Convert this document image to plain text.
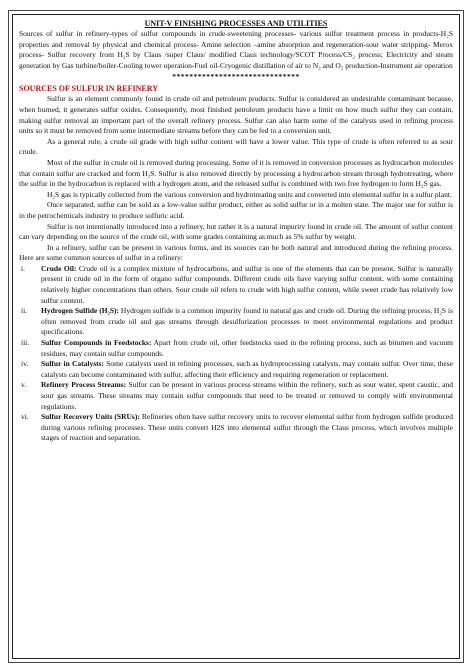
UNIT-V FINISHING PROCESSES AND UTILITIES

Sources of sulfur in refinery-types of sulfur compounds in crude-sweetening processes- various sulfur treatment process in products-H₂S properties and removal by physical and chemical process- Amine selection –amine absorption and regeneration-sour water stripping- Merox process- Sulfur recovery from H₂S by Claus /super Claus/ modified Claus technology/SCOT Process/CS₂ process; Electricity and steam generation by Gas turbine/boiler-Cooling tower operation-Fuel oil-Cryogenic distillation of air to N₂ and O₂ production-Instrument air operation

******************************

SOURCES OF SULFUR IN REFINERY

Sulfur is an element commonly found in crude oil and petroleum products. Sulfur is considered an undesirable contaminant because, when burned, it generates sulfur oxides. Consequently, most finished petroleum products have a limit on how much sulfur they can contain, making sulfur removal an important part of the overall refinery process. Sulfur can also harm some of the catalysts used in refining process units so it must be removed from some intermediate streams before they can be fed to a conversion unit.

As a general rule, a crude oil grade with high sulfur content will have a lower value. This type of crude is often referred to as sour crude.

Most of the sulfur in crude oil is removed during processing. Some of it is removed in conversion processes as hydrocarbon molecules that contain sulfur are cracked and form H₂S. Sulfur is also removed directly by processing a hydrocarbon stream through hydrotreating, where the sulfur in the hydrocarbon is replaced with a hydrogen atom, and the released sulfur is combined with two free hydrogen to form H₂S gas.

H₂S gas is typically collected from the various conversion and hydrotreating units and converted into elemental sulfur in a sulfur plant.

Once separated, sulfur can be sold as a low-value sulfur product, either as solid sulfur or in a molten state. The major use for sulfur is in the petrochemicals industry to produce sulfuric acid.

Sulfur is not intentionally introduced into a refinery, but rather it is a natural impurity found in crude oil. The amount of sulfur content can vary depending on the source of the crude oil, with some grades containing as much as 5% sulfur by weight.

In a refinery, sulfur can be present in various forms, and its sources can be both natural and introduced during the refining process. Here are some common sources of sulfur in a refinery:

i.	Crude Oil: Crude oil is a complex mixture of hydrocarbons, and sulfur is one of the elements that can be present. Sulfur is naturally present in crude oil in the form of organo sulfur compounds. Different crude oils have varying sulfur content, with some containing relatively higher concentrations than others. Sour crude oil refers to crude with high sulfur content, while sweet crude has relatively low sulfur content.
ii.	Hydrogen Sulfide (H₂S): Hydrogen sulfide is a common impurity found in natural gas and crude oil. During the refining process, H₂S is often removed from crude oil and gas streams through desulfurization processes to meet environmental regulations and product specifications.
iii.	Sulfur Compounds in Feedstocks: Apart from crude oil, other feedstocks used in the refining process, such as bitumen and vacuum residues, may contain sulfur compounds.
iv.	Sulfur in Catalysts: Some catalysts used in refining processes, such as hydroprocessing catalysts, may contain sulfur. Over time, these catalysts can become contaminated with sulfur, affecting their efficiency and requiring regeneration or replacement.
v.	Refinery Process Streams: Sulfur can be present in various process streams within the refinery, such as sour water, spent caustic, and sour gas streams. These streams may contain sulfur compounds that need to be treated or removed to comply with environmental regulations.
vi.	Sulfur Recovery Units (SRUs): Refineries often have sulfur recovery units to recover elemental sulfur from hydrogen sulfide produced during various refining processes. These units convert H2S into elemental sulfur through the Claus process, which involves multiple stages of reaction and separation.
